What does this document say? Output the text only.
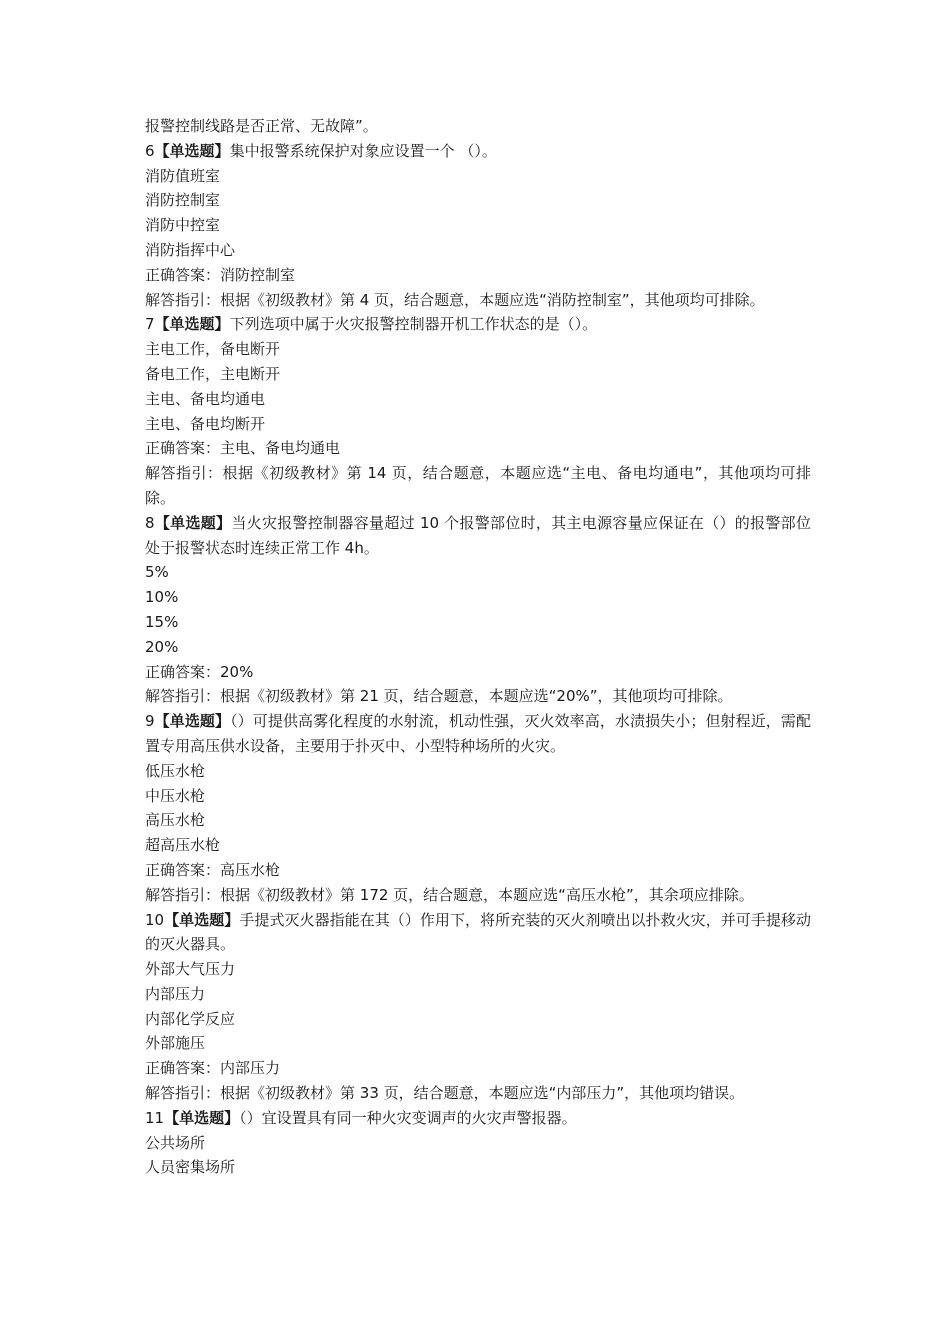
报警控制线路是否正常、无故障”。
6【单选题】集中报警系统保护对象应设置一个 （）。
消防值班室
消防控制室
消防中控室
消防指挥中心
正确答案：消防控制室
解答指引：根据《初级教材》第 4 页，结合题意，本题应选“消防控制室”，其他项均可排除。
7【单选题】下列选项中属于火灾报警控制器开机工作状态的是（）。
主电工作，备电断开
备电工作，主电断开
主电、备电均通电
主电、备电均断开
正确答案：主电、备电均通电
解答指引：根据《初级教材》第 14 页，结合题意，本题应选“主电、备电均通电”，其他项均可排除。
8【单选题】当火灾报警控制器容量超过 10 个报警部位时，其主电源容量应保证在（）的报警部位处于报警状态时连续正常工作 4h。
5%
10%
15%
20%
正确答案：20%
解答指引：根据《初级教材》第 21 页，结合题意，本题应选“20%”，其他项均可排除。
9【单选题】（）可提供高雾化程度的水射流，机动性强，灭火效率高，水渍损失小；但射程近，需配置专用高压供水设备，主要用于扑灭中、小型特种场所的火灾。
低压水枪
中压水枪
高压水枪
超高压水枪
正确答案：高压水枪
解答指引：根据《初级教材》第 172 页，结合题意，本题应选“高压水枪”，其余项应排除。
10【单选题】手提式灭火器指能在其（）作用下，将所充装的灭火剂喷出以扑救火灾，并可手提移动的灭火器具。
外部大气压力
内部压力
内部化学反应
外部施压
正确答案：内部压力
解答指引：根据《初级教材》第 33 页，结合题意，本题应选“内部压力”，其他项均错误。
11【单选题】（）宜设置具有同一种火灾变调声的火灾声警报器。
公共场所
人员密集场所
